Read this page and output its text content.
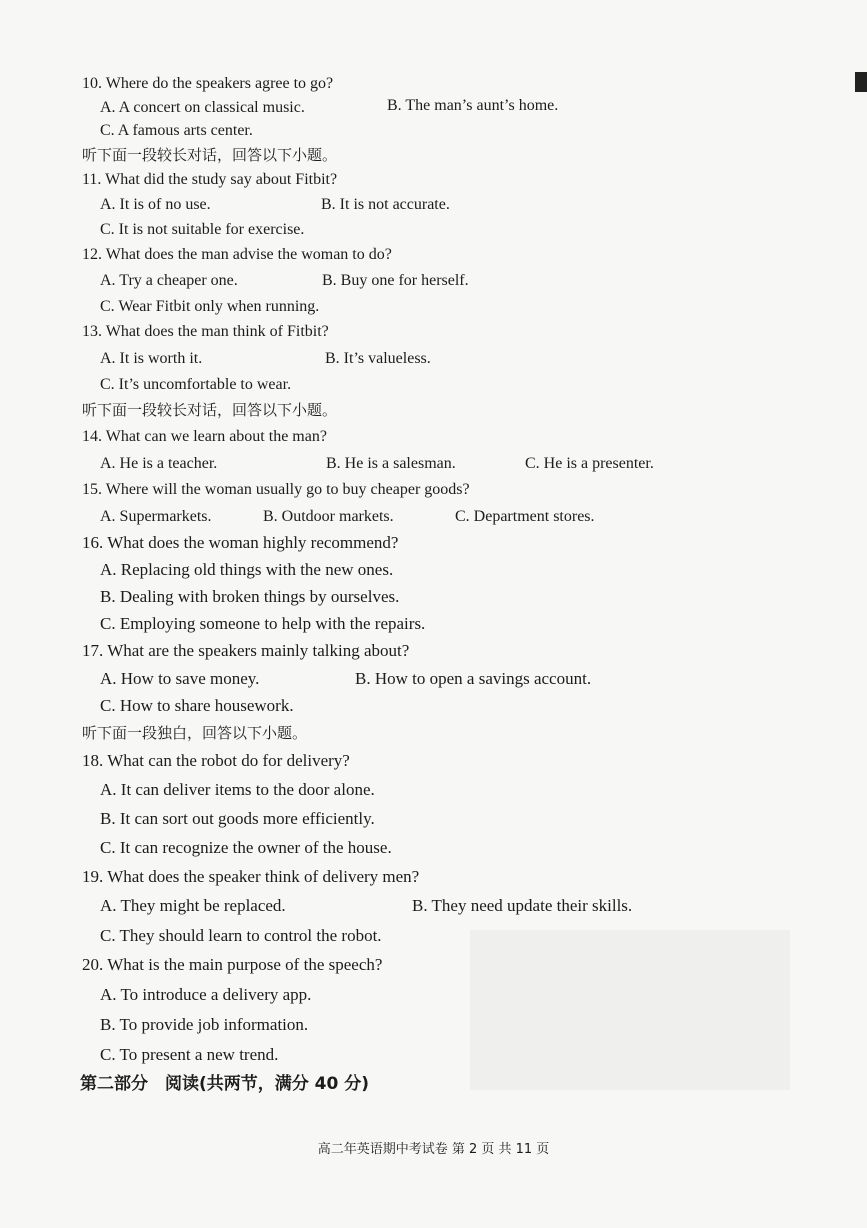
10. Where do the speakers agree to go?
A. A concert on classical music.	B. The man’s aunt’s home.
C. A famous arts center.
听下面一段较长对话，回答以下小题。
11. What did the study say about Fitbit?
A. It is of no use.	B. It is not accurate.
C. It is not suitable for exercise.
12. What does the man advise the woman to do?
A. Try a cheaper one.	B. Buy one for herself.
C. Wear Fitbit only when running.
13. What does the man think of Fitbit?
A. It is worth it.	B. It’s valueless.
C. It’s uncomfortable to wear.
听下面一段较长对话，回答以下小题。
14. What can we learn about the man?
A. He is a teacher.	B. He is a salesman.	C. He is a presenter.
15. Where will the woman usually go to buy cheaper goods?
A. Supermarkets.	B. Outdoor markets.	C. Department stores.
16. What does the woman highly recommend?
A. Replacing old things with the new ones.
B. Dealing with broken things by ourselves.
C. Employing someone to help with the repairs.
17. What are the speakers mainly talking about?
A. How to save money.	B. How to open a savings account.
C. How to share housework.
听下面一段独白，回答以下小题。
18. What can the robot do for delivery?
A. It can deliver items to the door alone.
B. It can sort out goods more efficiently.
C. It can recognize the owner of the house.
19. What does the speaker think of delivery men?
A. They might be replaced.	B. They need update their skills.
C. They should learn to control the robot.
20. What is the main purpose of the speech?
A. To introduce a delivery app.
B. To provide job information.
C. To present a new trend.
第二部分　阅读(共两节，满分 40 分)
高二年英语期中考试卷 第 2 页 共 11 页
